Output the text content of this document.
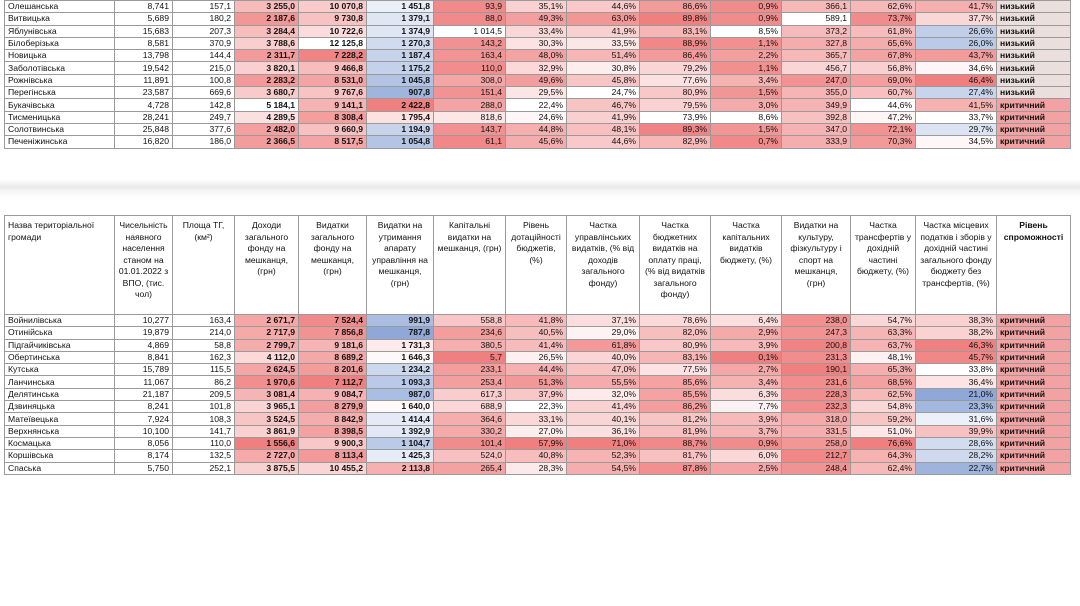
Олешанська	8,741	157,1	3 255,0	10 070,8	1 451,8	93,9	35,1%	44,6%	86,6%	0,9%	366,1	62,6%	41,7%	низький
Витвицька	5,689	180,2	2 187,6	9 730,8	1 379,1	88,0	49,3%	63,0%	89,8%	0,9%	589,1	73,7%	37,7%	низький
Яблунівська	15,683	207,3	3 284,4	10 722,6	1 374,9	1 014,5	33,4%	41,9%	83,1%	8,5%	373,2	61,8%	26,6%	низький
Білоберізька	8,581	370,9	3 788,6	12 125,8	1 270,3	143,2	30,3%	33,5%	88,9%	1,1%	327,8	65,6%	26,0%	низький
Новицька	13,798	144,4	2 311,7	7 228,2	1 187,4	163,4	48,0%	51,4%	86,4%	2,2%	365,7	67,8%	43,7%	низький
Заболотівська	19,542	215,0	3 820,1	9 466,8	1 175,2	110,0	32,9%	30,8%	79,2%	1,1%	456,7	56,8%	34,6%	низький
Рожнівська	11,891	100,8	2 283,2	8 531,0	1 045,8	308,0	49,6%	45,8%	77,6%	3,4%	247,0	69,0%	46,4%	низький
Перегінська	23,587	669,6	3 680,7	9 767,6	907,8	151,4	29,5%	24,7%	80,9%	1,5%	355,0	60,7%	27,4%	низький
Букачівська	4,728	142,8	5 184,1	9 141,1	2 422,8	288,0	22,4%	46,7%	79,5%	3,0%	349,9	44,6%	41,5%	критичний
Тисменицька	28,241	249,7	4 289,5	8 308,4	1 795,4	818,6	24,6%	41,9%	73,9%	8,6%	392,8	47,2%	33,7%	критичний
Солотвинська	25,848	377,6	2 482,0	9 660,9	1 194,9	143,7	44,8%	48,1%	89,3%	1,5%	347,0	72,1%	29,7%	критичний
Печеніжинська	16,820	186,0	2 366,5	8 517,5	1 054,8	61,1	45,6%	44,6%	82,9%	0,7%	333,9	70,3%	34,5%	критичний
Назва територіальної громади	Чисельність наявного населення станом на 01.01.2022 з ВПО, (тис. чол)	Площа ТГ, (км²)	Доходи загального фонду на мешканця, (грн)	Видатки загального фонду на мешканця, (грн)	Видатки на утримання апарату управління на мешканця, (грн)	Капітальні видатки на мешканця, (грн)	Рівень дотаційності бюджетів, (%)	Частка управлінських видатків, (% від доходів загального фонду)	Частка бюджетних видатків на оплату праці, (% від видатків загального фонду)	Частка капітальних видатків бюджету, (%)	Видатки на культуру, фізкультуру і спорт на мешканця, (грн)	Частка трансфертів у дохідній частині бюджету, (%)	Частка місцевих податків і зборів у дохідній частині загального фонду бюджету без трансфертів, (%)	Рівень спроможності
Войнилівська	10,277	163,4	2 671,7	7 524,4	991,9	558,8	41,8%	37,1%	78,6%	6,4%	238,0	54,7%	38,3%	критичний
Отинійська	19,879	214,0	2 717,9	7 856,8	787,8	234,6	40,5%	29,0%	82,0%	2,9%	247,3	63,3%	38,2%	критичний
Підгайчиківська	4,869	58,8	2 799,7	9 181,6	1 731,3	380,5	41,4%	61,8%	80,9%	3,9%	200,8	63,7%	46,3%	критичний
Обертинська	8,841	162,3	4 112,0	8 689,2	1 646,3	5,7	26,5%	40,0%	83,1%	0,1%	231,3	48,1%	45,7%	критичний
Кутська	15,789	115,5	2 624,5	8 201,6	1 234,2	233,1	44,4%	47,0%	77,5%	2,7%	190,1	65,3%	33,8%	критичний
Ланчинська	11,067	86,2	1 970,6	7 112,7	1 093,3	253,4	51,3%	55,5%	85,6%	3,4%	231,6	68,5%	36,4%	критичний
Делятинська	21,187	209,5	3 081,4	9 084,7	987,0	617,3	37,9%	32,0%	85,5%	6,3%	228,3	62,5%	21,0%	критичний
Дзвиняцька	8,241	101,8	3 965,1	8 279,9	1 640,0	688,9	22,3%	41,4%	86,2%	7,7%	232,3	54,8%	23,3%	критичний
Матеївецька	7,924	108,3	3 524,5	8 842,9	1 414,4	364,6	33,1%	40,1%	81,2%	3,9%	318,0	59,2%	31,6%	критичний
Верхнянська	10,100	141,7	3 861,9	8 398,5	1 392,9	330,2	27,0%	36,1%	81,9%	3,7%	331,5	51,0%	39,9%	критичний
Космацька	8,056	110,0	1 556,6	9 900,3	1 104,7	101,4	57,9%	71,0%	88,7%	0,9%	258,0	76,6%	28,6%	критичний
Коршівська	8,174	132,5	2 727,0	8 113,4	1 425,3	524,0	40,8%	52,3%	81,7%	6,0%	212,7	64,3%	28,2%	критичний
Спаська	5,750	252,1	3 875,5	10 455,2	2 113,8	265,4	28,3%	54,5%	87,8%	2,5%	248,4	62,4%	22,7%	критичний
